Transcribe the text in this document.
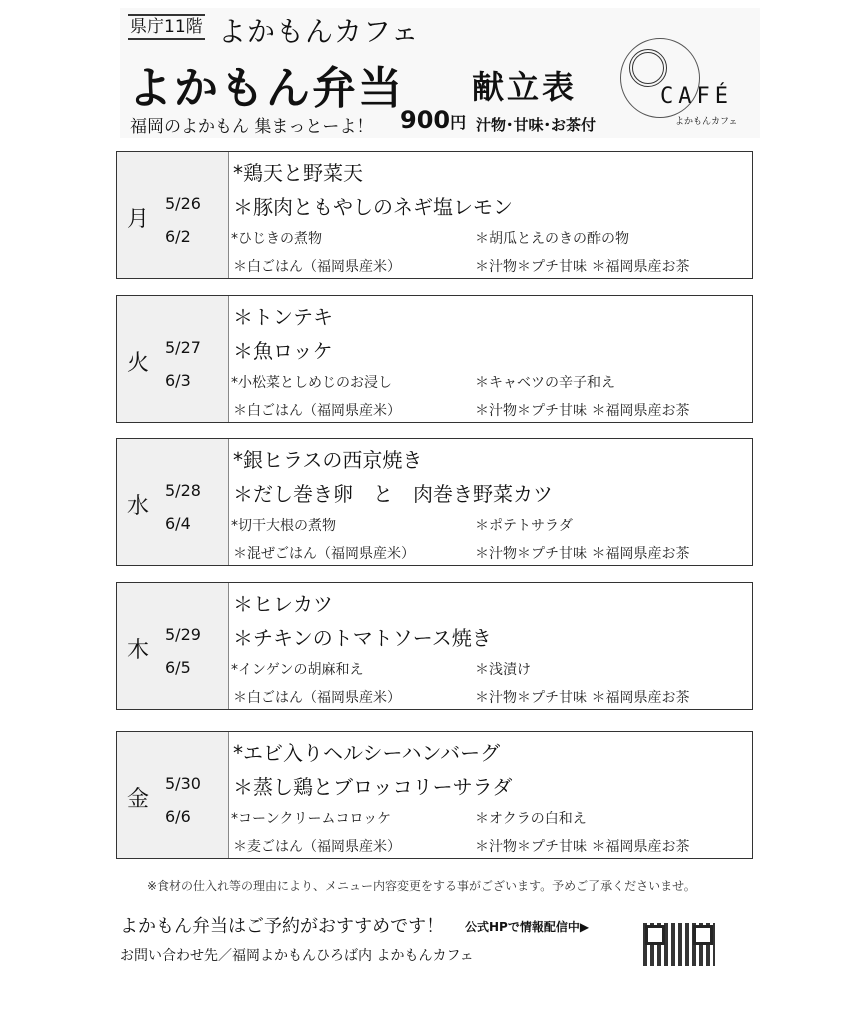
県庁11階 よかもんカフェ
よかもん弁当 献立表
福岡のよかもん 集まっとーよ！ 900円 汁物･甘味･お茶付
CAFÉ
よかもんカフェ
月
5/26
6/2
*鶏天と野菜天
＊豚肉ともやしのネギ塩レモン
*ひじきの煮物	＊胡瓜とえのきの酢の物
＊白ごはん（福岡県産米）	＊汁物＊プチ甘味 ＊福岡県産お茶
火
5/27
6/3
＊トンテキ
＊魚ロッケ
*小松菜としめじのお浸し	＊キャベツの辛子和え
＊白ごはん（福岡県産米）	＊汁物＊プチ甘味 ＊福岡県産お茶
水
5/28
6/4
*銀ヒラスの西京焼き
＊だし巻き卵　と　肉巻き野菜カツ
*切干大根の煮物	＊ポテトサラダ
＊混ぜごはん（福岡県産米）	＊汁物＊プチ甘味 ＊福岡県産お茶
木
5/29
6/5
＊ヒレカツ
＊チキンのトマトソース焼き
*インゲンの胡麻和え	＊浅漬け
＊白ごはん（福岡県産米）	＊汁物＊プチ甘味 ＊福岡県産お茶
金
5/30
6/6
*エビ入りヘルシーハンバーグ
＊蒸し鶏とブロッコリーサラダ
*コーンクリームコロッケ	＊オクラの白和え
＊麦ごはん（福岡県産米）	＊汁物＊プチ甘味 ＊福岡県産お茶
※食材の仕入れ等の理由により、メニュー内容変更をする事がございます。予めご了承くださいませ。
よかもん弁当はご予約がおすすめです！ 公式HPで情報配信中▶
お問い合わせ先／福岡よかもんひろば内 よかもんカフェ
